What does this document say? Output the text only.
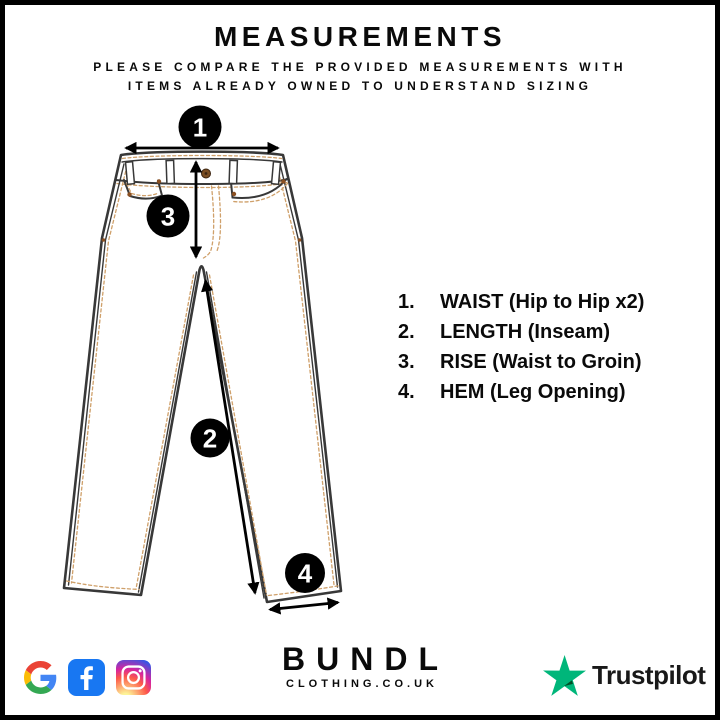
MEASUREMENTS
PLEASE COMPARE THE PROVIDED MEASUREMENTS WITH
ITEMS ALREADY OWNED TO UNDERSTAND SIZING
1
3
2
4
1.	WAIST (Hip to Hip x2)
2.	LENGTH (Inseam)
3.	RISE (Waist to Groin)
4.	HEM (Leg Opening)
BUNDL
CLOTHING.CO.UK	Trustpilot
